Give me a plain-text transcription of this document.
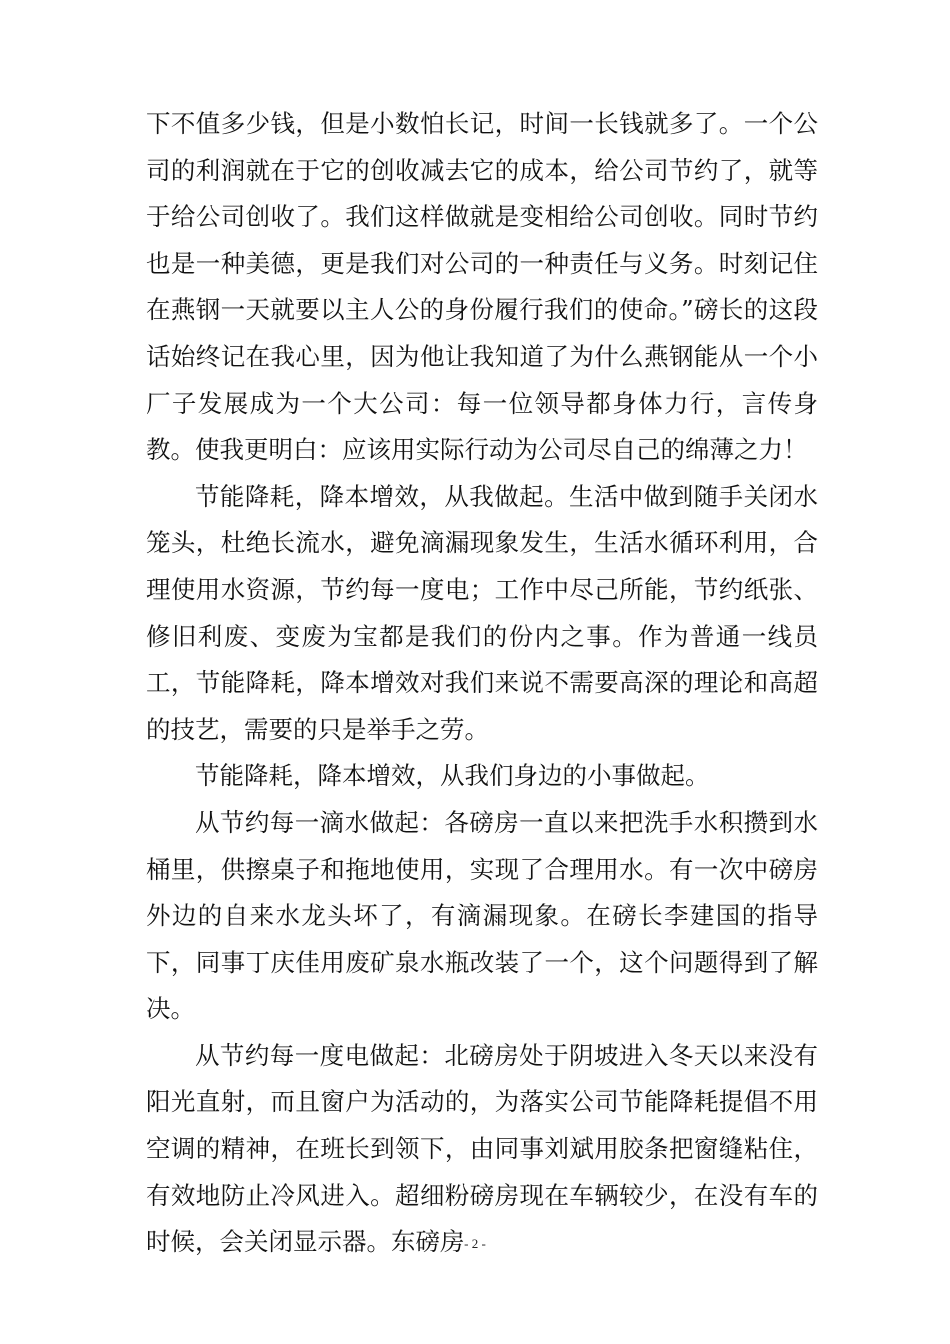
下不值多少钱，但是小数怕长记，时间一长钱就多了。一个公司的利润就在于它的创收减去它的成本，给公司节约了，就等于给公司创收了。我们这样做就是变相给公司创收。同时节约也是一种美德，更是我们对公司的一种责任与义务。时刻记住在燕钢一天就要以主人公的身份履行我们的使命。”磅长的这段话始终记在我心里，因为他让我知道了为什么燕钢能从一个小厂子发展成为一个大公司：每一位领导都身体力行，言传身教。使我更明白：应该用实际行动为公司尽自己的绵薄之力！

节能降耗，降本增效，从我做起。生活中做到随手关闭水笼头，杜绝长流水，避免滴漏现象发生，生活水循环利用，合理使用水资源，节约每一度电；工作中尽己所能，节约纸张、修旧利废、变废为宝都是我们的份内之事。作为普通一线员工，节能降耗，降本增效对我们来说不需要高深的理论和高超的技艺，需要的只是举手之劳。

节能降耗，降本增效，从我们身边的小事做起。

从节约每一滴水做起：各磅房一直以来把洗手水积攒到水桶里，供擦桌子和拖地使用，实现了合理用水。有一次中磅房外边的自来水龙头坏了，有滴漏现象。在磅长李建国的指导下，同事丁庆佳用废矿泉水瓶改装了一个，这个问题得到了解决。

从节约每一度电做起：北磅房处于阴坡进入冬天以来没有阳光直射，而且窗户为活动的，为落实公司节能降耗提倡不用空调的精神，在班长到领下，由同事刘斌用胶条把窗缝粘住，有效地防止冷风进入。超细粉磅房现在车辆较少，在没有车的时候，会关闭显示器。东磅房 - 2 -
